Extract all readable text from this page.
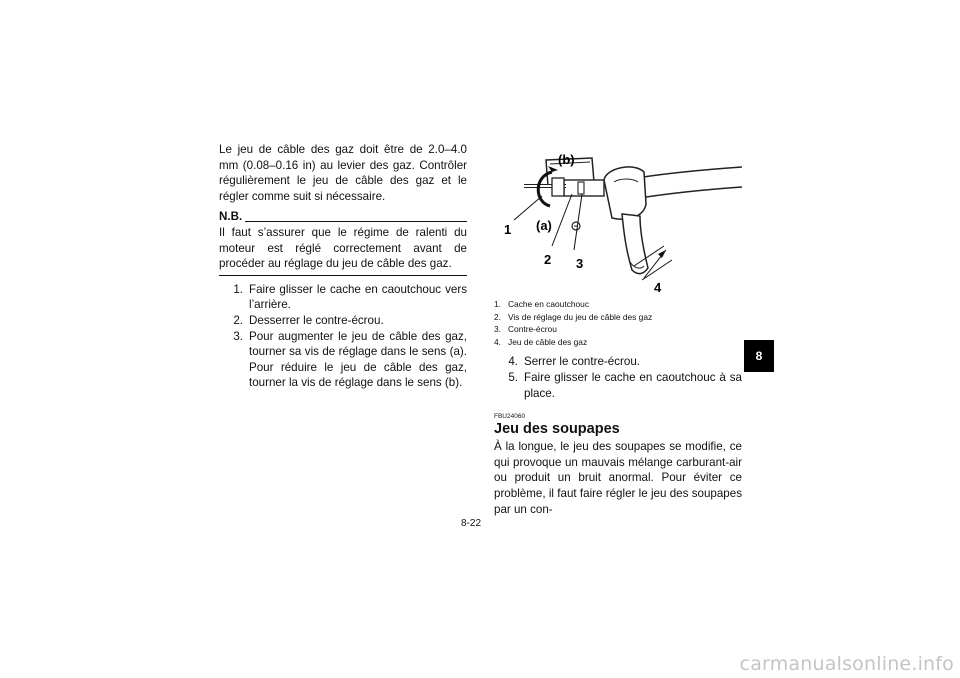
Le jeu de câble des gaz doit être de 2.0–4.0 mm (0.08–0.16 in) au levier des gaz. Contrôler régulièrement le jeu de câble des gaz et le régler comme suit si nécessaire.

N.B.

Il faut s’assurer que le régime de ralenti du moteur est réglé correctement avant de procéder au réglage du jeu de câble des gaz.

1. Faire glisser le cache en caoutchouc vers l’arrière.
2. Desserrer le contre-écrou.
3. Pour augmenter le jeu de câble des gaz, tourner sa vis de réglage dans le sens (a). Pour réduire le jeu de câble des gaz, tourner la vis de réglage dans le sens (b).
(b)
(a)
1
2 3
4
1. Cache en caoutchouc
2. Vis de réglage du jeu de câble des gaz
3. Contre-écrou
4. Jeu de câble des gaz
4. Serrer le contre-écrou.
5. Faire glisser le cache en caoutchouc à sa place.
FBU24060
Jeu des soupapes

À la longue, le jeu des soupapes se modifie, ce qui provoque un mauvais mélange carburant-air ou produit un bruit anormal. Pour éviter ce problème, il faut faire régler le jeu des soupapes par un con-

8
8-22
carmanualsonline.info
